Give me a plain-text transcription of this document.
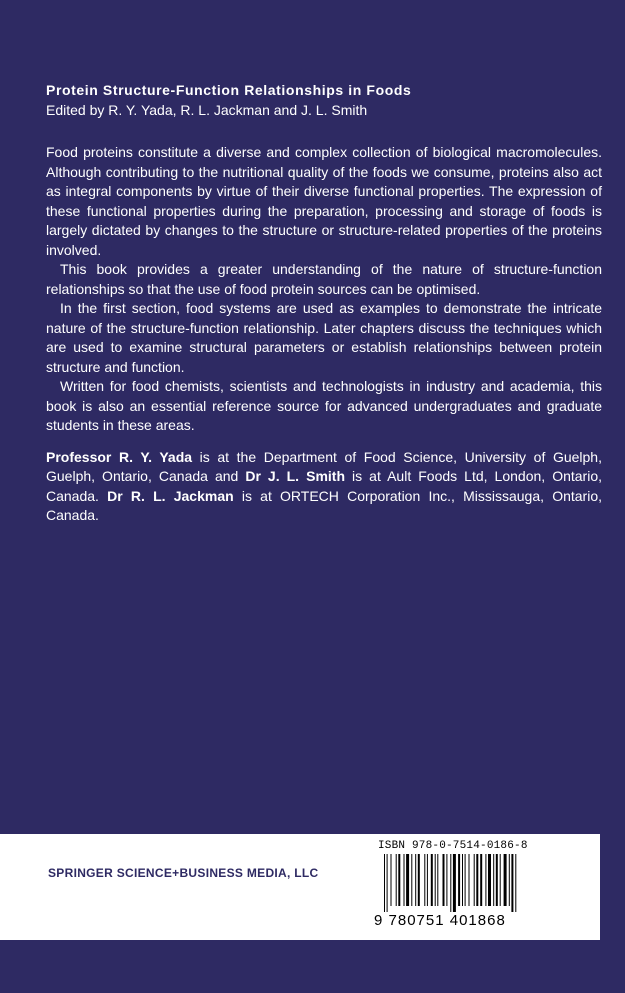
Protein Structure-Function Relationships in Foods
Edited by R. Y. Yada, R. L. Jackman and J. L. Smith
Food proteins constitute a diverse and complex collection of biological macromolecules. Although contributing to the nutritional quality of the foods we consume, proteins also act as integral components by virtue of their diverse functional properties. The expression of these functional properties during the preparation, processing and storage of foods is largely dictated by changes to the structure or structure-related properties of the proteins involved.
This book provides a greater understanding of the nature of structure-function relationships so that the use of food protein sources can be optimised.
In the first section, food systems are used as examples to demonstrate the intricate nature of the structure-function relationship. Later chapters discuss the techniques which are used to examine structural parameters or establish relationships between protein structure and function.
Written for food chemists, scientists and technologists in industry and academia, this book is also an essential reference source for advanced undergraduates and graduate students in these areas.
Professor R. Y. Yada is at the Department of Food Science, University of Guelph, Guelph, Ontario, Canada and Dr J. L. Smith is at Ault Foods Ltd, London, Ontario, Canada. Dr R. L. Jackman is at ORTECH Corporation Inc., Mississauga, Ontario, Canada.
SPRINGER SCIENCE+BUSINESS MEDIA, LLC
ISBN 978-0-7514-0186-8
9 780751 401868
